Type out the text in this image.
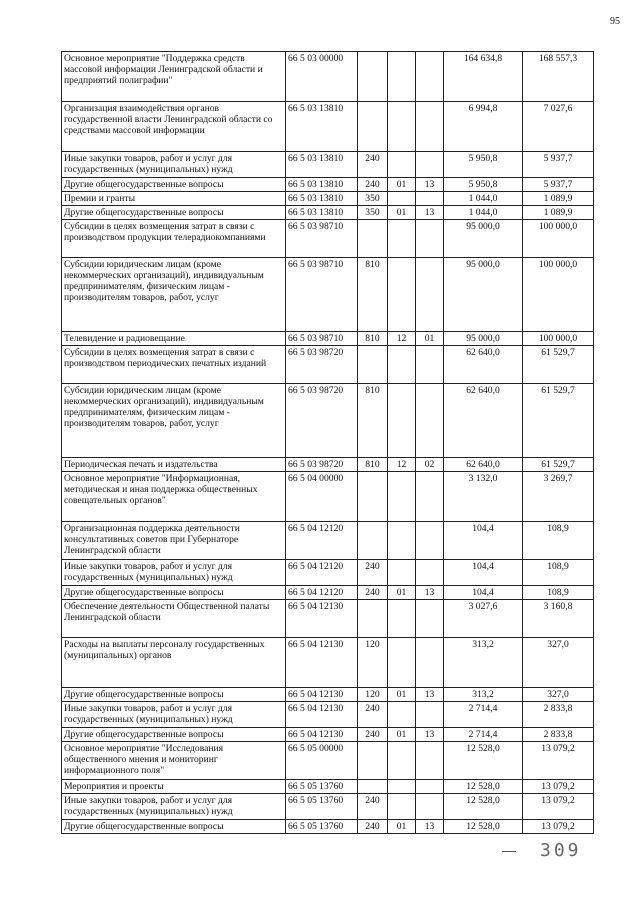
95
Основное мероприятие "Поддержка средств массовой информации Ленинградской области и предприятий полиграфии"	66 5 03 00000				164 634,8	168 557,3
Организация взаимодействия органов государственной власти Ленинградской области со средствами массовой информации	66 5 03 13810				6 994,8	7 027,6
Иные закупки товаров, работ и услуг для государственных (муниципальных) нужд	66 5 03 13810	240			5 950,8	5 937,7
Другие общегосударственные вопросы	66 5 03 13810	240	01	13	5 950,8	5 937,7
Премии и гранты	66 5 03 13810	350			1 044,0	1 089,9
Другие общегосударственные вопросы	66 5 03 13810	350	01	13	1 044,0	1 089,9
Субсидии в целях возмещения затрат в связи с производством продукции телерадиокомпаниями	66 5 03 98710				95 000,0	100 000,0
Субсидии юридическим лицам (кроме некоммерческих организаций), индивидуальным предпринимателям, физическим лицам - производителям товаров, работ, услуг	66 5 03 98710	810			95 000,0	100 000,0
Телевидение и радиовещание	66 5 03 98710	810	12	01	95 000,0	100 000,0
Субсидии в целях возмещения затрат в связи с производством периодических печатных изданий	66 5 03 98720				62 640,0	61 529,7
Субсидии юридическим лицам (кроме некоммерческих организаций), индивидуальным предпринимателям, физическим лицам - производителям товаров, работ, услуг	66 5 03 98720	810			62 640,0	61 529,7
Периодическая печать и издательства	66 5 03 98720	810	12	02	62 640,0	61 529,7
Основное мероприятие "Информационная, методическая и иная поддержка общественных совещательных органов"	66 5 04 00000				3 132,0	3 269,7
Организационная поддержка деятельности консультативных советов при Губернаторе Ленинградской области	66 5 04 12120				104,4	108,9
Иные закупки товаров, работ и услуг для государственных (муниципальных) нужд	66 5 04 12120	240			104,4	108,9
Другие общегосударственные вопросы	66 5 04 12120	240	01	13	104,4	108,9
Обеспечение деятельности Общественной палаты Ленинградской области	66 5 04 12130				3 027,6	3 160,8
Расходы на выплаты персоналу государственных (муниципальных) органов	66 5 04 12130	120			313,2	327,0
Другие общегосударственные вопросы	66 5 04 12130	120	01	13	313,2	327,0
Иные закупки товаров, работ и услуг для государственных (муниципальных) нужд	66 5 04 12130	240			2 714,4	2 833,8
Другие общегосударственные вопросы	66 5 04 12130	240	01	13	2 714,4	2 833,8
Основное мероприятие "Исследования общественного мнения и мониторинг информационного поля"	66 5 05 00000				12 528,0	13 079,2
Мероприятия и проекты	66 5 05 13760				12 528,0	13 079,2
Иные закупки товаров, работ и услуг для государственных (муниципальных) нужд	66 5 05 13760	240			12 528,0	13 079,2
Другие общегосударственные вопросы	66 5 05 13760	240	01	13	12 528,0	13 079,2
309
